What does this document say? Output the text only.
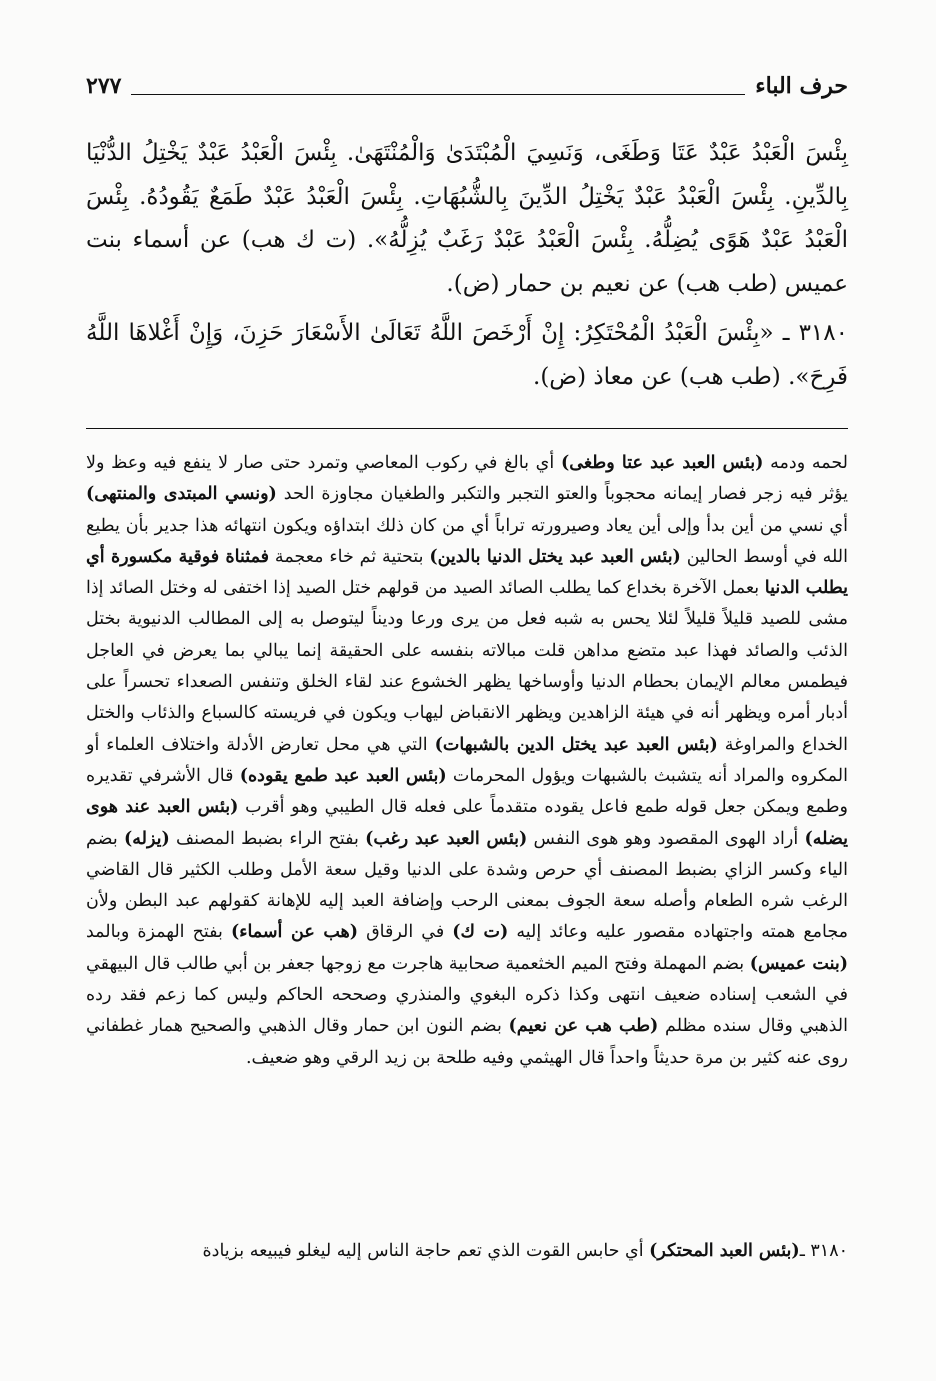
حرف الباء
٢٧٧

بِئْسَ الْعَبْدُ عَبْدٌ عَتَا وَطَغَى، وَنَسِيَ الْمُبْتَدَىٰ وَالْمُنْتَهَىٰ. بِئْسَ الْعَبْدُ عَبْدٌ يَخْتِلُ الدُّنْيَا بِالدِّينِ. بِئْسَ الْعَبْدُ عَبْدٌ يَخْتِلُ الدِّينَ بِالشُّبُهَاتِ. بِئْسَ الْعَبْدُ عَبْدٌ طَمَعٌ يَقُودُهُ. بِئْسَ الْعَبْدُ عَبْدٌ هَوًى يُضِلُّهُ. بِئْسَ الْعَبْدُ عَبْدٌ رَغَبٌ يُزِلُّهُ». (ت ك هب) عن أسماء بنت عميس (طب هب) عن نعيم بن حمار (ض).

٣١٨٠ ـ «بِئْسَ الْعَبْدُ الْمُحْتَكِرُ: إِنْ أَرْخَصَ اللَّهُ تَعَالَىٰ الأَسْعَارَ حَزِنَ، وَإِنْ أَغْلاهَا اللَّهُ فَرِحَ». (طب هب) عن معاذ (ض).

لحمه ودمه (بئس العبد عبد عتا وطغى) أي بالغ في ركوب المعاصي وتمرد حتى صار لا ينفع فيه وعظ ولا يؤثر فيه زجر فصار إيمانه محجوباً والعتو التجبر والتكبر والطغيان مجاوزة الحد (ونسي المبتدى والمنتهى) أي نسي من أين بدأ وإلى أين يعاد وصيرورته تراباً أي من كان ذلك ابتداؤه ويكون انتهائه هذا جدير بأن يطيع الله في أوسط الحالين (بئس العبد عبد يختل الدنيا بالدين) بتحتية ثم خاء معجمة فمثناة فوقية مكسورة أي يطلب الدنيا بعمل الآخرة بخداع كما يطلب الصائد الصيد من قولهم ختل الصيد إذا اختفى له وختل الصائد إذا مشى للصيد قليلاً قليلاً لئلا يحس به شبه فعل من يرى ورعا وديناً ليتوصل به إلى المطالب الدنيوية بختل الذئب والصائد فهذا عبد متضع مداهن قلت مبالاته بنفسه على الحقيقة إنما يبالي بما يعرض في العاجل فيطمس معالم الإيمان بحطام الدنيا وأوساخها يظهر الخشوع عند لقاء الخلق وتنفس الصعداء تحسراً على أدبار أمره ويظهر أنه في هيئة الزاهدين ويظهر الانقباض ليهاب ويكون في فريسته كالسباع والذئاب والختل الخداع والمراوغة (بئس العبد عبد يختل الدين بالشبهات) التي هي محل تعارض الأدلة واختلاف العلماء أو المكروه والمراد أنه يتشبث بالشبهات ويؤول المحرمات (بئس العبد عبد طمع يقوده) قال الأشرفي تقديره وطمع ويمكن جعل قوله طمع فاعل يقوده متقدماً على فعله قال الطيبي وهو أقرب (بئس العبد عند هوى يضله) أراد الهوى المقصود وهو هوى النفس (بئس العبد عبد رغب) بفتح الراء بضبط المصنف (يزله) بضم الياء وكسر الزاي بضبط المصنف أي حرص وشدة على الدنيا وقيل سعة الأمل وطلب الكثير قال القاضي الرغب شره الطعام وأصله سعة الجوف بمعنى الرحب وإضافة العبد إليه للإهانة كقولهم عبد البطن ولأن مجامع همته واجتهاده مقصور عليه وعائد إليه (ت ك) في الرقاق (هب عن أسماء) بفتح الهمزة وبالمد (بنت عميس) بضم المهملة وفتح الميم الخثعمية صحابية هاجرت مع زوجها جعفر بن أبي طالب قال البيهقي في الشعب إسناده ضعيف انتهى وكذا ذكره البغوي والمنذري وصححه الحاكم وليس كما زعم فقد رده الذهبي وقال سنده مظلم (طب هب عن نعيم) بضم النون ابن حمار وقال الذهبي والصحيح همار غطفاني روى عنه كثير بن مرة حديثاً واحداً قال الهيثمي وفيه طلحة بن زيد الرقي وهو ضعيف.

٣١٨٠ ـ(بئس العبد المحتكر) أي حابس القوت الذي تعم حاجة الناس إليه ليغلو فيبيعه بزيادة
